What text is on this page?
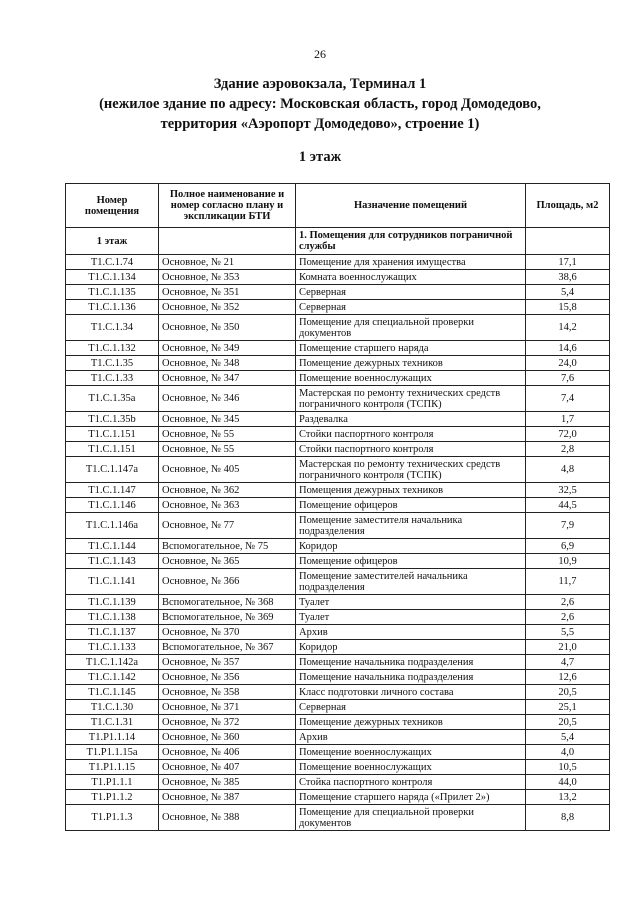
26
Здание аэровокзала, Терминал 1
(нежилое здание по адресу: Московская область, город Домодедово,
территория «Аэропорт Домодедово», строение 1)
1 этаж
Номер помещения	Полное наименование и номер согласно плану и экспликации БТИ	Назначение помещений	Площадь, м2
1 этаж		1. Помещения для сотрудников пограничной службы	
Т1.С.1.74	Основное, № 21	Помещение для хранения имущества	17,1
Т1.С.1.134	Основное, № 353	Комната военнослужащих	38,6
Т1.С.1.135	Основное, № 351	Серверная	5,4
Т1.С.1.136	Основное, № 352	Серверная	15,8
Т1.С.1.34	Основное, № 350	Помещение для специальной проверки документов	14,2
Т1.С.1.132	Основное, № 349	Помещение старшего наряда	14,6
Т1.С.1.35	Основное, № 348	Помещение дежурных техников	24,0
Т1.С.1.33	Основное, № 347	Помещение военнослужащих	7,6
Т1.С.1.35a	Основное, № 346	Мастерская по ремонту технических средств пограничного контроля (ТСПК)	7,4
Т1.С.1.35b	Основное, № 345	Раздевалка	1,7
Т1.С.1.151	Основное, № 55	Стойки паспортного контроля	72,0
Т1.С.1.151	Основное, № 55	Стойки паспортного контроля	2,8
Т1.С.1.147a	Основное, № 405	Мастерская по ремонту технических средств пограничного контроля (ТСПК)	4,8
Т1.С.1.147	Основное, № 362	Помещения дежурных техников	32,5
Т1.С.1.146	Основное, № 363	Помещение офицеров	44,5
Т1.С.1.146a	Основное, № 77	Помещение заместителя начальника подразделения	7,9
Т1.С.1.144	Вспомогательное, № 75	Коридор	6,9
Т1.С.1.143	Основное, № 365	Помещение офицеров	10,9
Т1.С.1.141	Основное, № 366	Помещение заместителей начальника подразделения	11,7
Т1.С.1.139	Вспомогательное, № 368	Туалет	2,6
Т1.С.1.138	Вспомогательное, № 369	Туалет	2,6
Т1.С.1.137	Основное, № 370	Архив	5,5
Т1.С.1.133	Вспомогательное, № 367	Коридор	21,0
Т1.С.1.142a	Основное, № 357	Помещение начальника подразделения	4,7
Т1.С.1.142	Основное, № 356	Помещение начальника подразделения	12,6
Т1.С.1.145	Основное, № 358	Класс подготовки личного состава	20,5
Т1.С.1.30	Основное, № 371	Серверная	25,1
Т1.С.1.31	Основное, № 372	Помещение дежурных техников	20,5
Т1.Р1.1.14	Основное, № 360	Архив	5,4
Т1.Р1.1.15a	Основное, № 406	Помещение военнослужащих	4,0
Т1.Р1.1.15	Основное, № 407	Помещение военнослужащих	10,5
Т1.Р1.1.1	Основное, № 385	Стойка паспортного контроля	44,0
Т1.Р1.1.2	Основное, № 387	Помещение старшего наряда («Прилет 2»)	13,2
Т1.Р1.1.3	Основное, № 388	Помещение для специальной проверки документов	8,8
